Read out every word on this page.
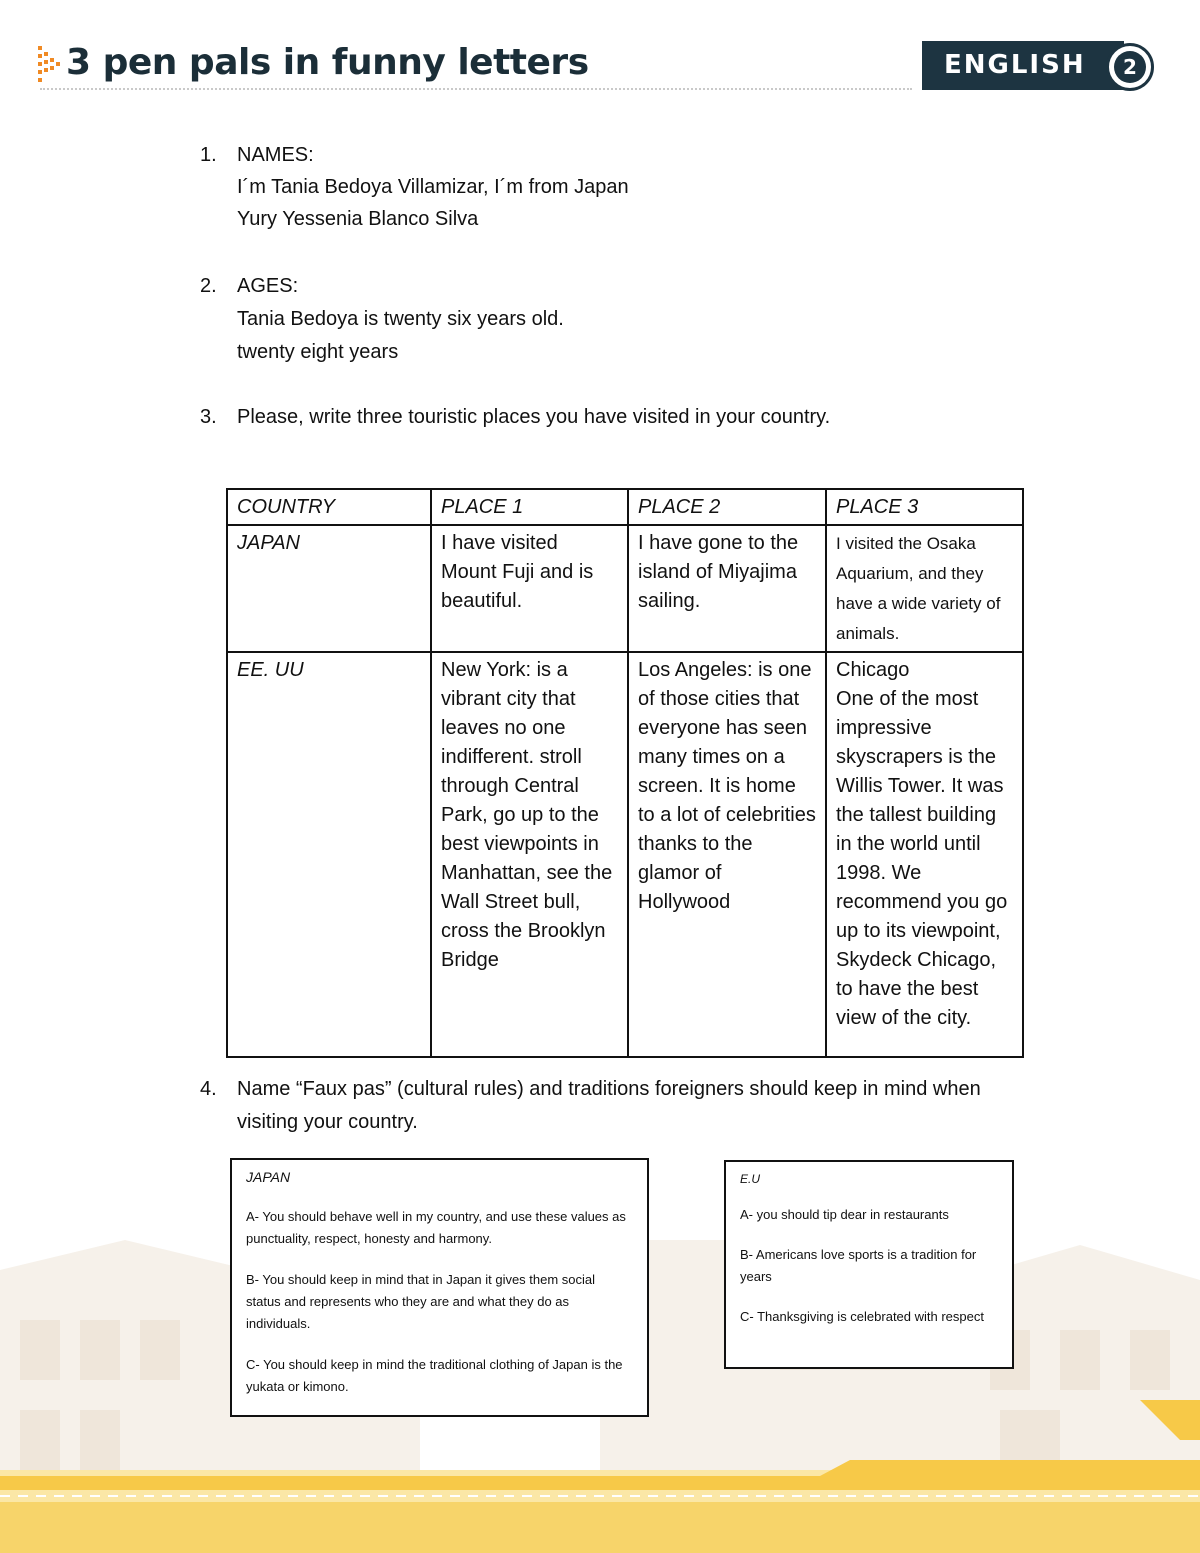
3 pen pals in funny letters	ENGLISH	2
1.	NAMES:
I´m Tania Bedoya Villamizar, I´m from Japan
Yury Yessenia Blanco Silva
2.	AGES:
Tania Bedoya is twenty six years old.
twenty eight years
3.	Please, write three touristic places you have visited in your country.
COUNTRY	PLACE 1	PLACE 2	PLACE 3
JAPAN	I have visited Mount Fuji and is beautiful.	I have gone to the island of Miyajima sailing.	I visited the Osaka Aquarium, and they have a wide variety of animals.
EE. UU	New York: is a vibrant city that leaves no one indifferent. stroll through Central Park, go up to the best viewpoints in Manhattan, see the Wall Street bull, cross the Brooklyn Bridge	Los Angeles: is one of those cities that everyone has seen many times on a screen. It is home to a lot of celebrities thanks to the glamor of Hollywood	Chicago
One of the most impressive skyscrapers is the Willis Tower. It was the tallest building in the world until 1998. We recommend you go up to its viewpoint, Skydeck Chicago, to have the best view of the city.
4.	Name “Faux pas” (cultural rules) and traditions foreigners should keep in mind when visiting your country.
JAPAN

A- You should behave well in my country, and use these values as punctuality, respect, honesty and harmony.

B- You should keep in mind that in Japan it gives them social status and represents who they are and what they do as individuals.

C- You should keep in mind the traditional clothing of Japan is the yukata or kimono.

E.U

A- you should tip dear in restaurants

B- Americans love sports is a tradition for years

C- Thanksgiving is celebrated with respect
